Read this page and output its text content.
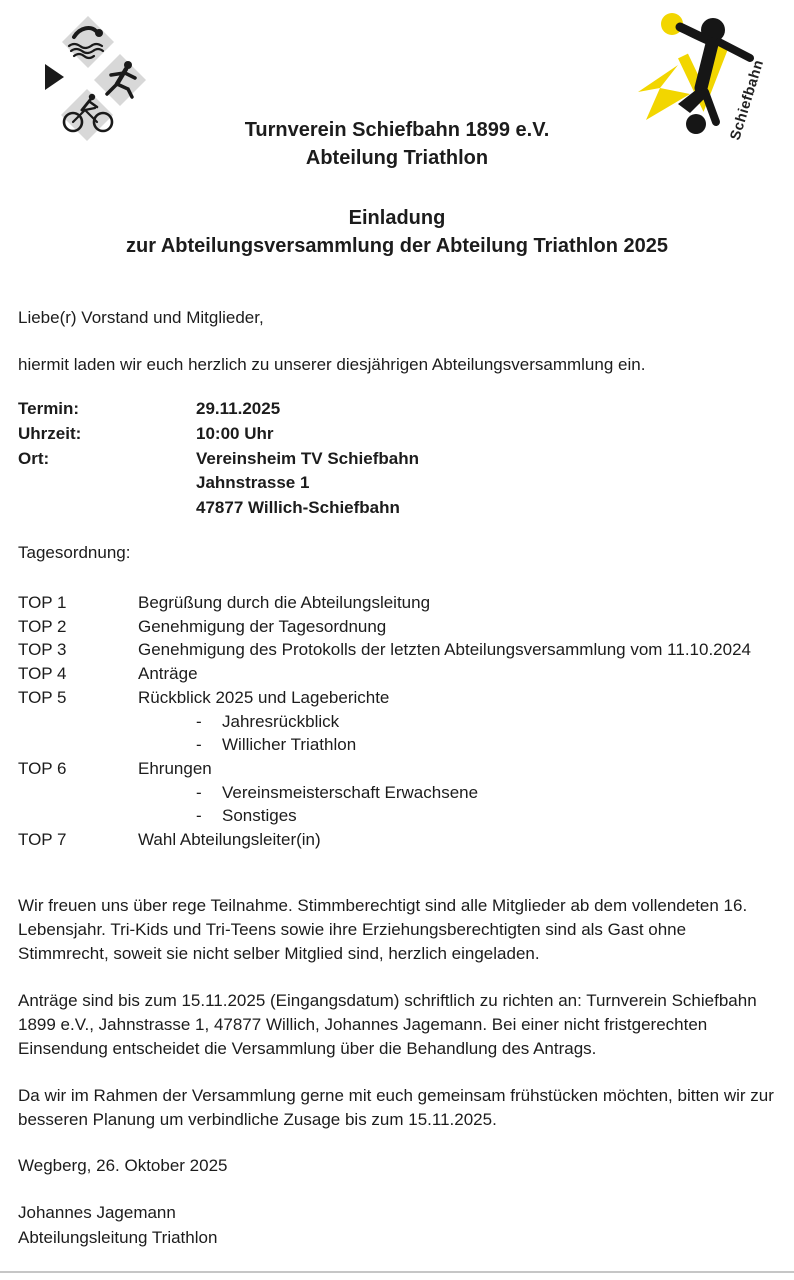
Schiefbahn
Turnverein Schiefbahn 1899 e.V.
Abteilung Triathlon
Einladung
zur Abteilungsversammlung der Abteilung Triathlon 2025
Liebe(r) Vorstand und Mitglieder,
hiermit laden wir euch herzlich zu unserer diesjährigen Abteilungsversammlung ein.
Termin:	29.11.2025
Uhrzeit:	10:00 Uhr
Ort:	Vereinsheim TV Schiefbahn
Jahnstrasse 1
47877 Willich-Schiefbahn
Tagesordnung:
TOP 1	Begrüßung durch die Abteilungsleitung
TOP 2	Genehmigung der Tagesordnung
TOP 3	Genehmigung des Protokolls der letzten Abteilungsversammlung vom 11.10.2024
TOP 4	Anträge
TOP 5	Rückblick 2025 und Lageberichte
-	Jahresrückblick
-	Willicher Triathlon
TOP 6	Ehrungen
-	Vereinsmeisterschaft Erwachsene
-	Sonstiges
TOP 7	Wahl Abteilungsleiter(in)
Wir freuen uns über rege Teilnahme. Stimmberechtigt sind alle Mitglieder ab dem vollendeten 16. Lebensjahr. Tri-Kids und Tri-Teens sowie ihre Erziehungsberechtigten sind als Gast ohne Stimmrecht, soweit sie nicht selber Mitglied sind, herzlich eingeladen.
Anträge sind bis zum 15.11.2025 (Eingangsdatum) schriftlich zu richten an: Turnverein Schiefbahn 1899 e.V., Jahnstrasse 1, 47877 Willich, Johannes Jagemann. Bei einer nicht fristgerechten Einsendung entscheidet die Versammlung über die Behandlung des Antrags.
Da wir im Rahmen der Versammlung gerne mit euch gemeinsam frühstücken möchten, bitten wir zur besseren Planung um verbindliche Zusage bis zum 15.11.2025.
Wegberg, 26. Oktober 2025
Johannes Jagemann
Abteilungsleitung Triathlon
